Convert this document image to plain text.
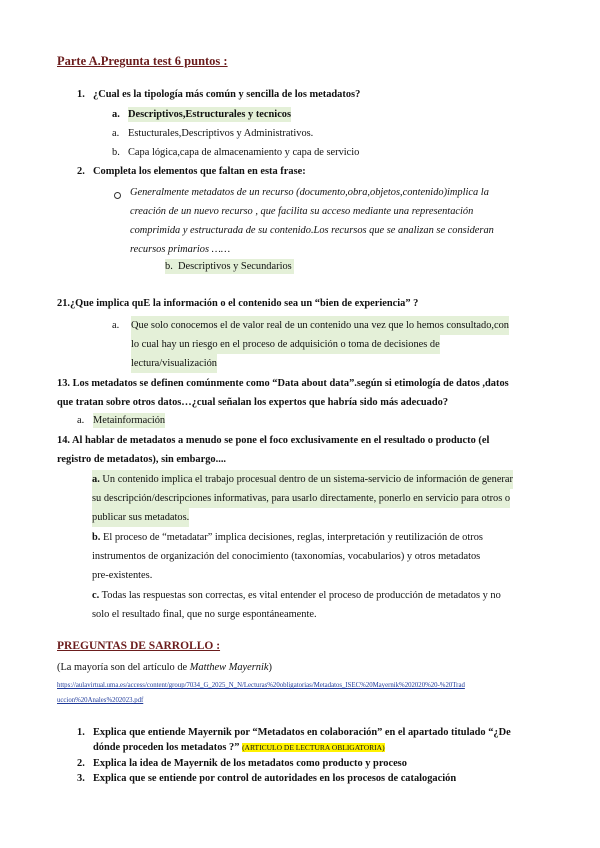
Parte A.Pregunta test 6 puntos :
1. ¿Cual es la tipología más común y sencilla de los metadatos?
a. Descriptivos,Estructurales y tecnicos
a. Estucturales,Descriptivos y Administrativos.
b. Capa lógica,capa de almacenamiento y capa de servicio
2. Completa los elementos que faltan en esta frase:
Generalmente metadatos de un recurso (documento,obra,objetos,contenido)implica la
creación de un nuevo recurso , que facilita su acceso mediante una representación
comprimida y estructurada de su contenido.Los recursos que se analizan se consideran
recursos primarios ……
b. Descriptivos y Secundarios
21.¿Que implica quE la información o el contenido sea un “bien de experiencia” ?
a. Que solo conocemos el de valor real de un contenido una vez que lo hemos consultado,con
lo cual hay un riesgo en el proceso de adquisición o toma de decisiones de
lectura/visualización
13. Los metadatos se definen comúnmente como “Data about data”.según si etimología de datos ,datos
que tratan sobre otros datos…¿cual señalan los expertos que habría sido más adecuado?
a. Metainformación
14. Al hablar de metadatos a menudo se pone el foco exclusivamente en el resultado o producto (el
registro de metadatos), sin embargo....
a. Un contenido implica el trabajo procesual dentro de un sistema-servicio de información de generar
su descripción/descripciones informativas, para usarlo directamente, ponerlo en servicio para otros o
publicar sus metadatos.
b. El proceso de “metadatar” implica decisiones, reglas, interpretación y reutilización de otros
instrumentos de organización del conocimiento (taxonomías, vocabularios) y otros metadatos
pre-existentes.
c. Todas las respuestas son correctas, es vital entender el proceso de producción de metadatos y no
solo el resultado final, que no surge espontáneamente.
PREGUNTAS DE SARROLLO :
(La mayoría son del artículo de Matthew Mayernik)
https://aulavirtual.uma.es/access/content/group/7034_G_2025_N_N/Lecturas%20obligatorias/Metadatos_ISEC%20Mayernik%202020%20-%20Trad
uccion%20Anales%202023.pdf
1. Explica que entiende Mayernik por “Metadatos en colaboración” en el apartado titulado “¿De
dónde proceden los metadatos ?” (ARTICULO DE LECTURA OBLIGATORIA)
2. Explica la idea de Mayernik de los metadatos como producto y proceso
3. Explica que se entiende por control de autoridades en los procesos de catalogación
